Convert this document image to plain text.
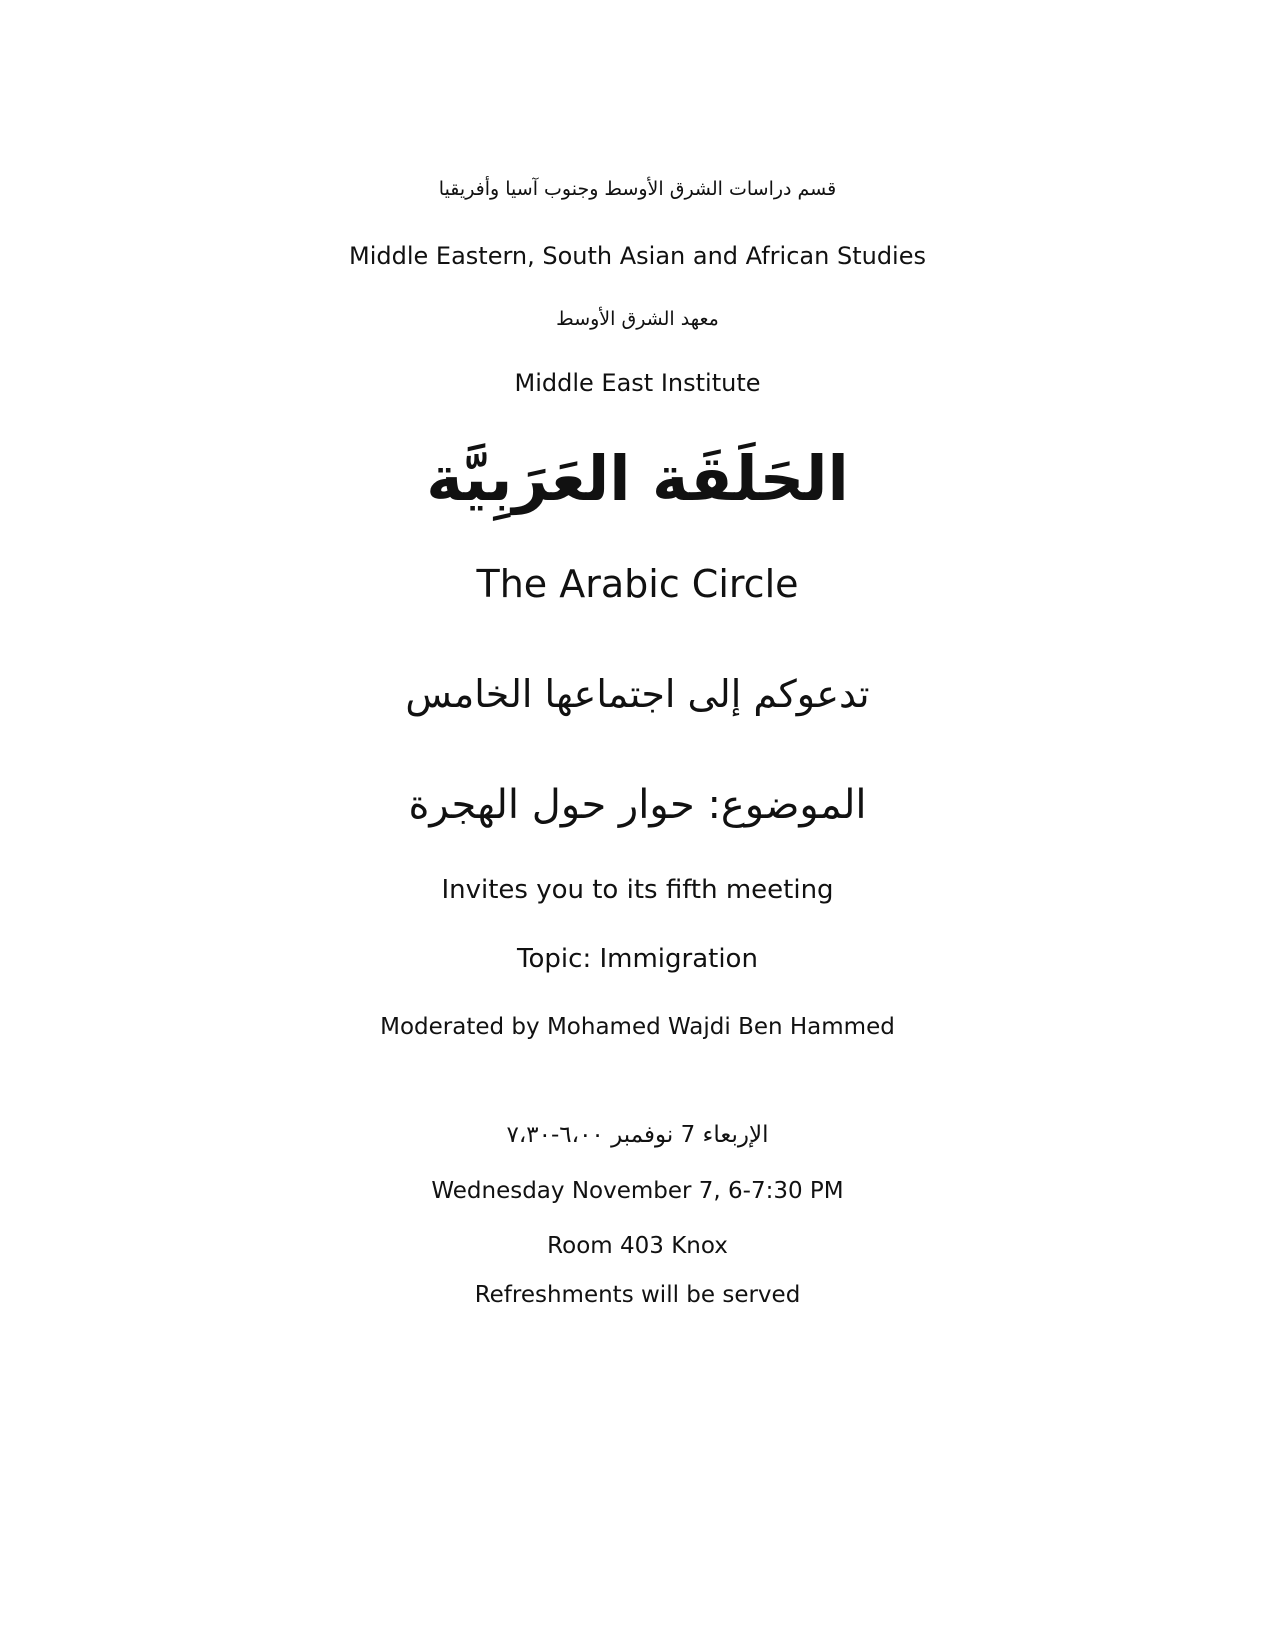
قسم دراسات الشرق الأوسط وجنوب آسيا وأفريقيا
Middle Eastern, South Asian and African Studies
معهد الشرق الأوسط
Middle East Institute
الحَلَقَة العَرَبِيَّة
The Arabic Circle
تدعوكم إلى اجتماعها الخامس
الموضوع: حوار حول الهجرة
Invites you to its fifth meeting
Topic: Immigration
Moderated by Mohamed Wajdi Ben Hammed
الإربعاء 7 نوفمبر ٦،٠٠-٧،٣٠
Wednesday November 7, 6-7:30 PM
Room 403 Knox
Refreshments will be served
